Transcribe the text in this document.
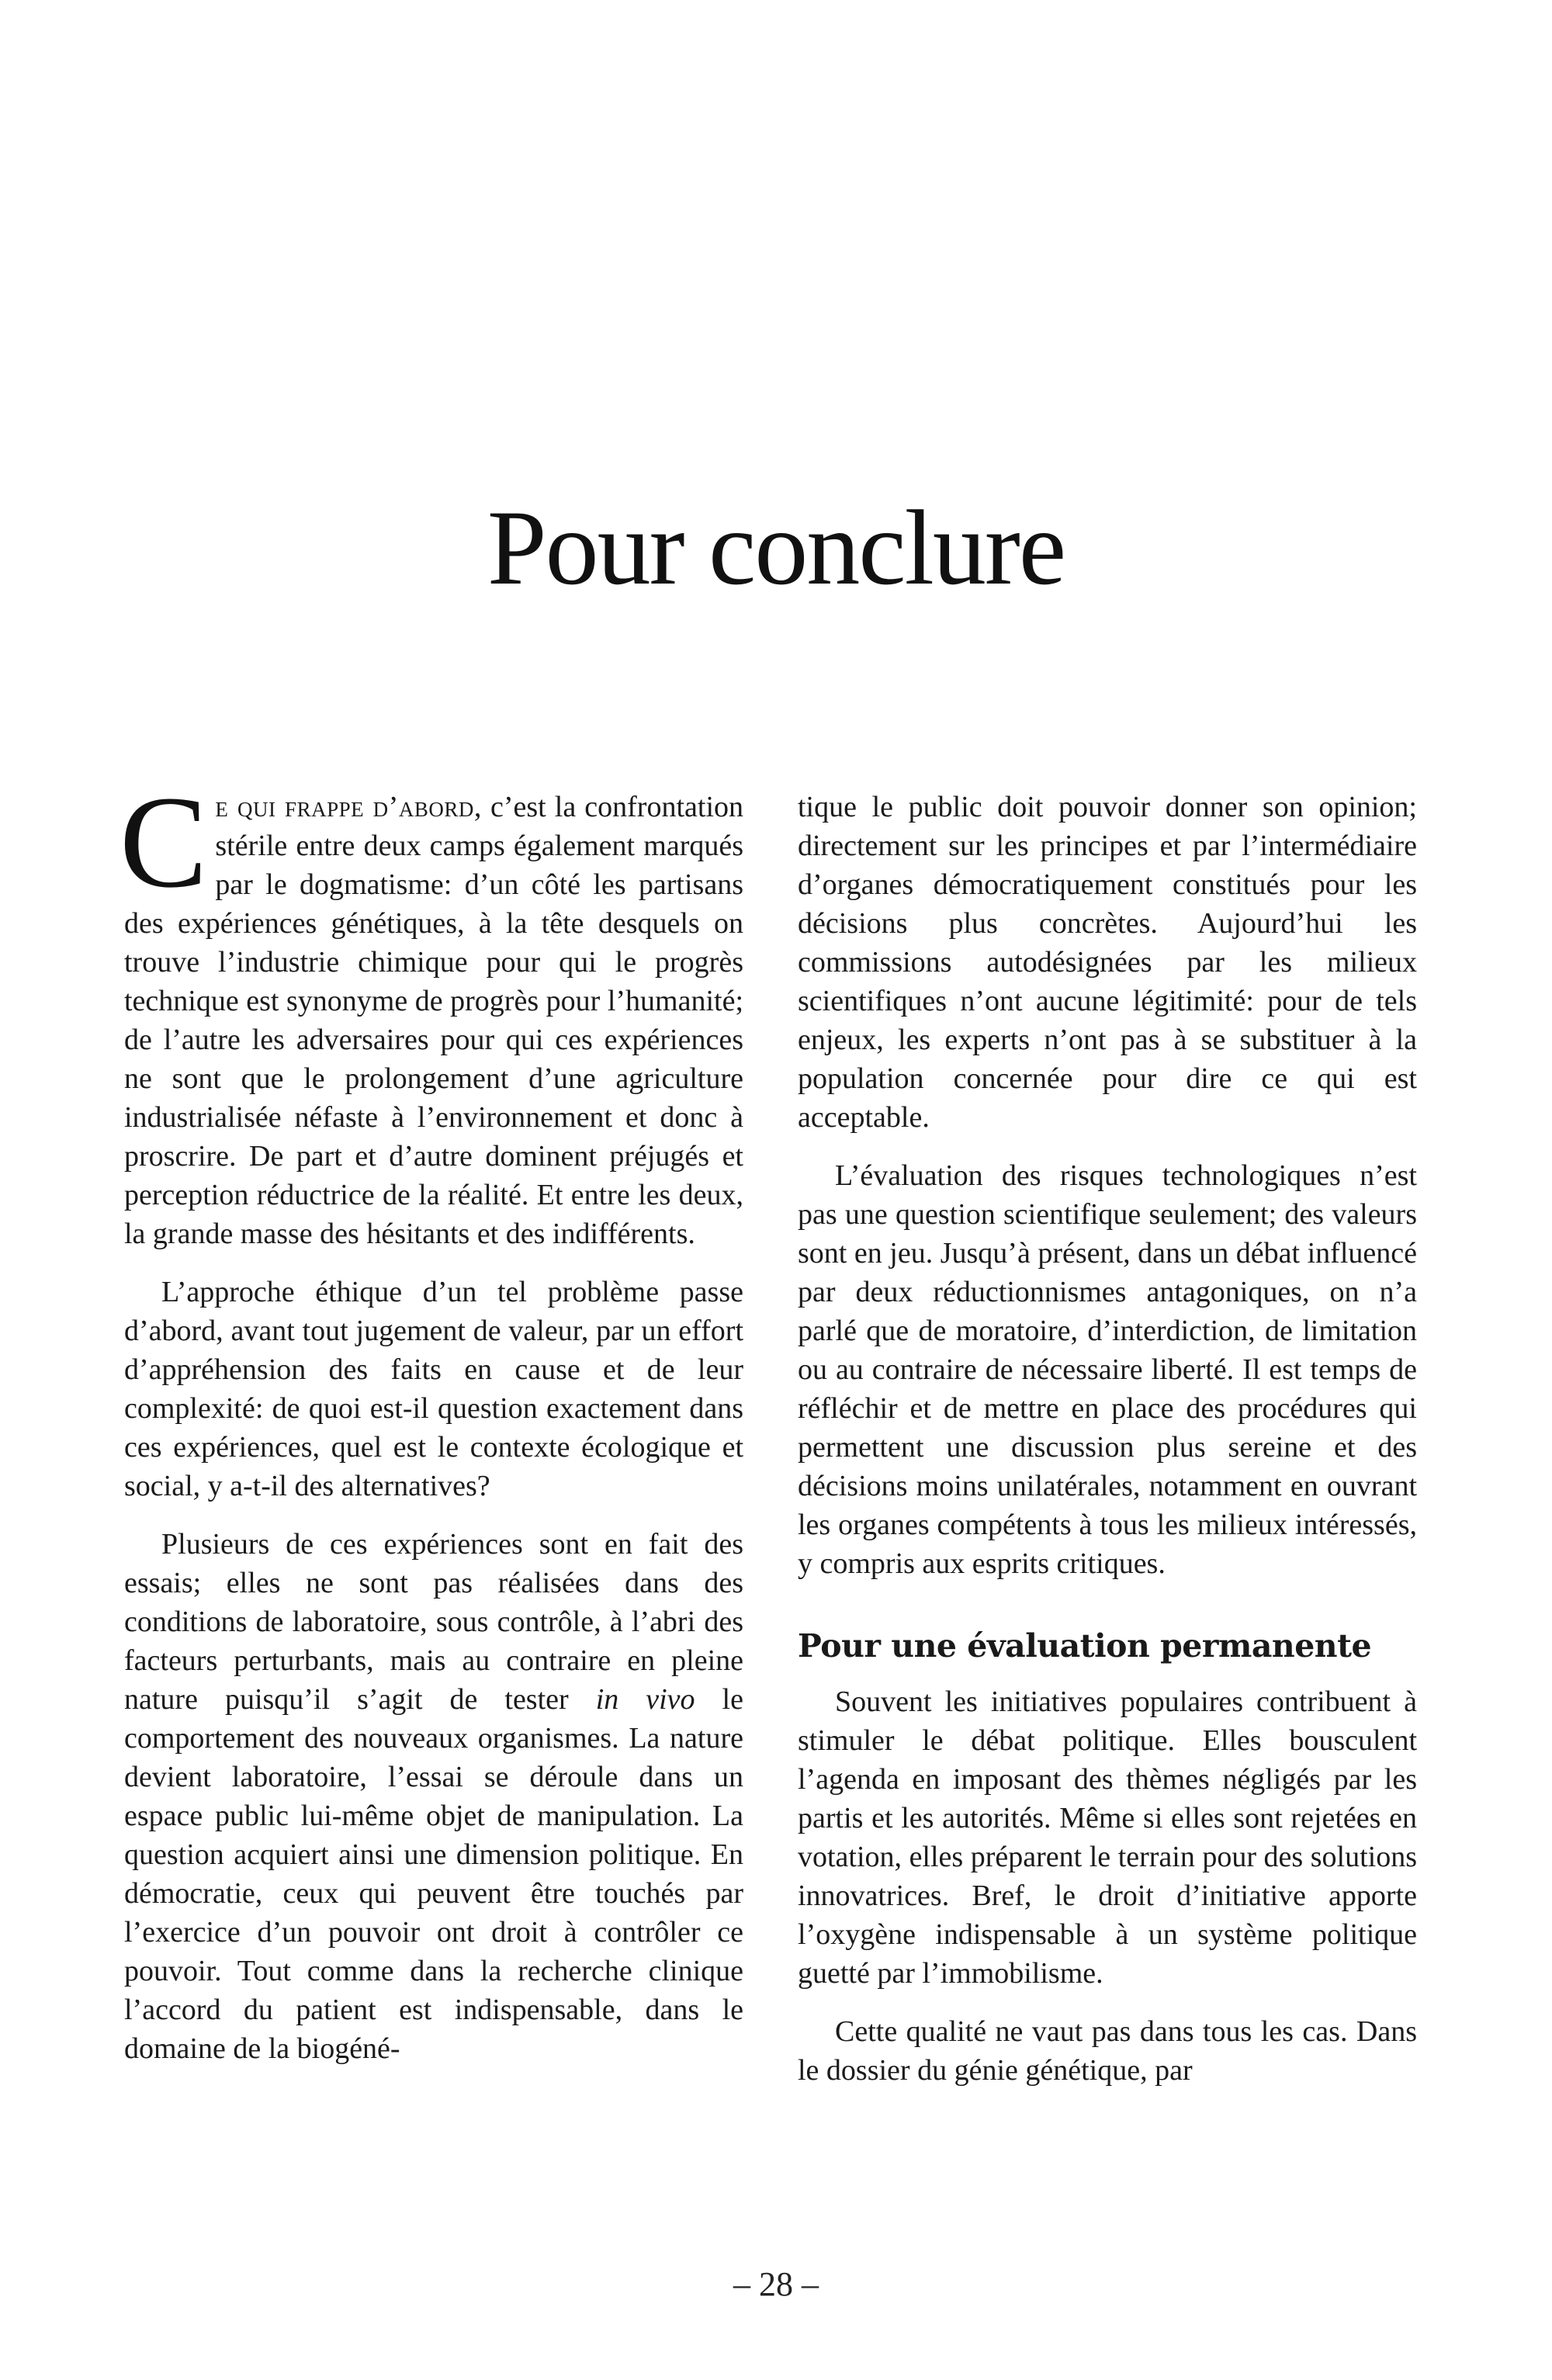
Pour conclure

Ce qui frappe d’abord, c’est la confrontation stérile entre deux camps également marqués par le dogmatisme: d’un côté les partisans des expériences génétiques, à la tête desquels on trouve l’industrie chimique pour qui le progrès technique est synonyme de progrès pour l’humanité; de l’autre les adversaires pour qui ces expériences ne sont que le prolongement d’une agriculture industrialisée néfaste à l’environnement et donc à proscrire. De part et d’autre dominent préjugés et perception réductrice de la réalité. Et entre les deux, la grande masse des hésitants et des indifférents.

L’approche éthique d’un tel problème passe d’abord, avant tout jugement de valeur, par un effort d’appréhension des faits en cause et de leur complexité: de quoi est-il question exactement dans ces expériences, quel est le contexte écologique et social, y a-t-il des alternatives?

Plusieurs de ces expériences sont en fait des essais; elles ne sont pas réalisées dans des conditions de laboratoire, sous contrôle, à l’abri des facteurs perturbants, mais au contraire en pleine nature puisqu’il s’agit de tester in vivo le comportement des nouveaux organismes. La nature devient laboratoire, l’essai se déroule dans un espace public lui-même objet de manipulation. La question acquiert ainsi une dimension politique. En démocratie, ceux qui peuvent être touchés par l’exercice d’un pouvoir ont droit à contrôler ce pouvoir. Tout comme dans la recherche clinique l’accord du patient est indispensable, dans le domaine de la biogéné-

tique le public doit pouvoir donner son opinion; directement sur les principes et par l’intermédiaire d’organes démocratiquement constitués pour les décisions plus concrètes. Aujourd’hui les commissions autodésignées par les milieux scientifiques n’ont aucune légitimité: pour de tels enjeux, les experts n’ont pas à se substituer à la population concernée pour dire ce qui est acceptable.

L’évaluation des risques technologiques n’est pas une question scientifique seulement; des valeurs sont en jeu. Jusqu’à présent, dans un débat influencé par deux réductionnismes antagoniques, on n’a parlé que de moratoire, d’interdiction, de limitation ou au contraire de nécessaire liberté. Il est temps de réfléchir et de mettre en place des procédures qui permettent une discussion plus sereine et des décisions moins unilatérales, notamment en ouvrant les organes compétents à tous les milieux intéressés, y compris aux esprits critiques.

Pour une évaluation permanente

Souvent les initiatives populaires contribuent à stimuler le débat politique. Elles bousculent l’agenda en imposant des thèmes négligés par les partis et les autorités. Même si elles sont rejetées en votation, elles préparent le terrain pour des solutions innovatrices. Bref, le droit d’initiative apporte l’oxygène indispensable à un système politique guetté par l’immobilisme.

Cette qualité ne vaut pas dans tous les cas. Dans le dossier du génie génétique, par

– 28 –
